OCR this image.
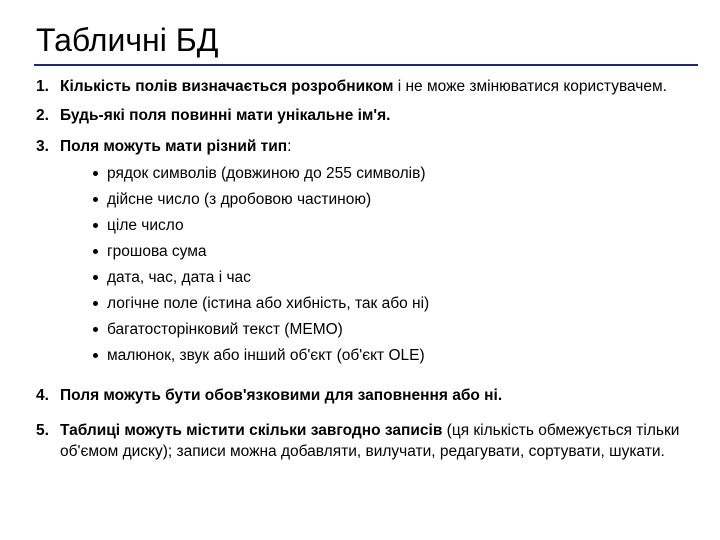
Табличні БД
1. Кількість полів визначається розробником і не може змінюватися користувачем.
2. Будь-які поля повинні мати унікальне ім'я.
3. Поля можуть мати різний тип:
рядок символів (довжиною до 255 символів)
дійсне число (з дробовою частиною)
ціле число
грошова сума
дата, час, дата і час
логічне поле (істина або хибність, так або ні)
багатосторінковий текст (MEMO)
малюнок, звук або інший об'єкт (об'єкт OLE)
4. Поля можуть бути обов'язковими для заповнення або ні.
5. Таблиці можуть містити скільки завгодно записів (ця кількість обмежується тільки об'ємом диску); записи можна добавляти, вилучати, редагувати, сортувати, шукати.
